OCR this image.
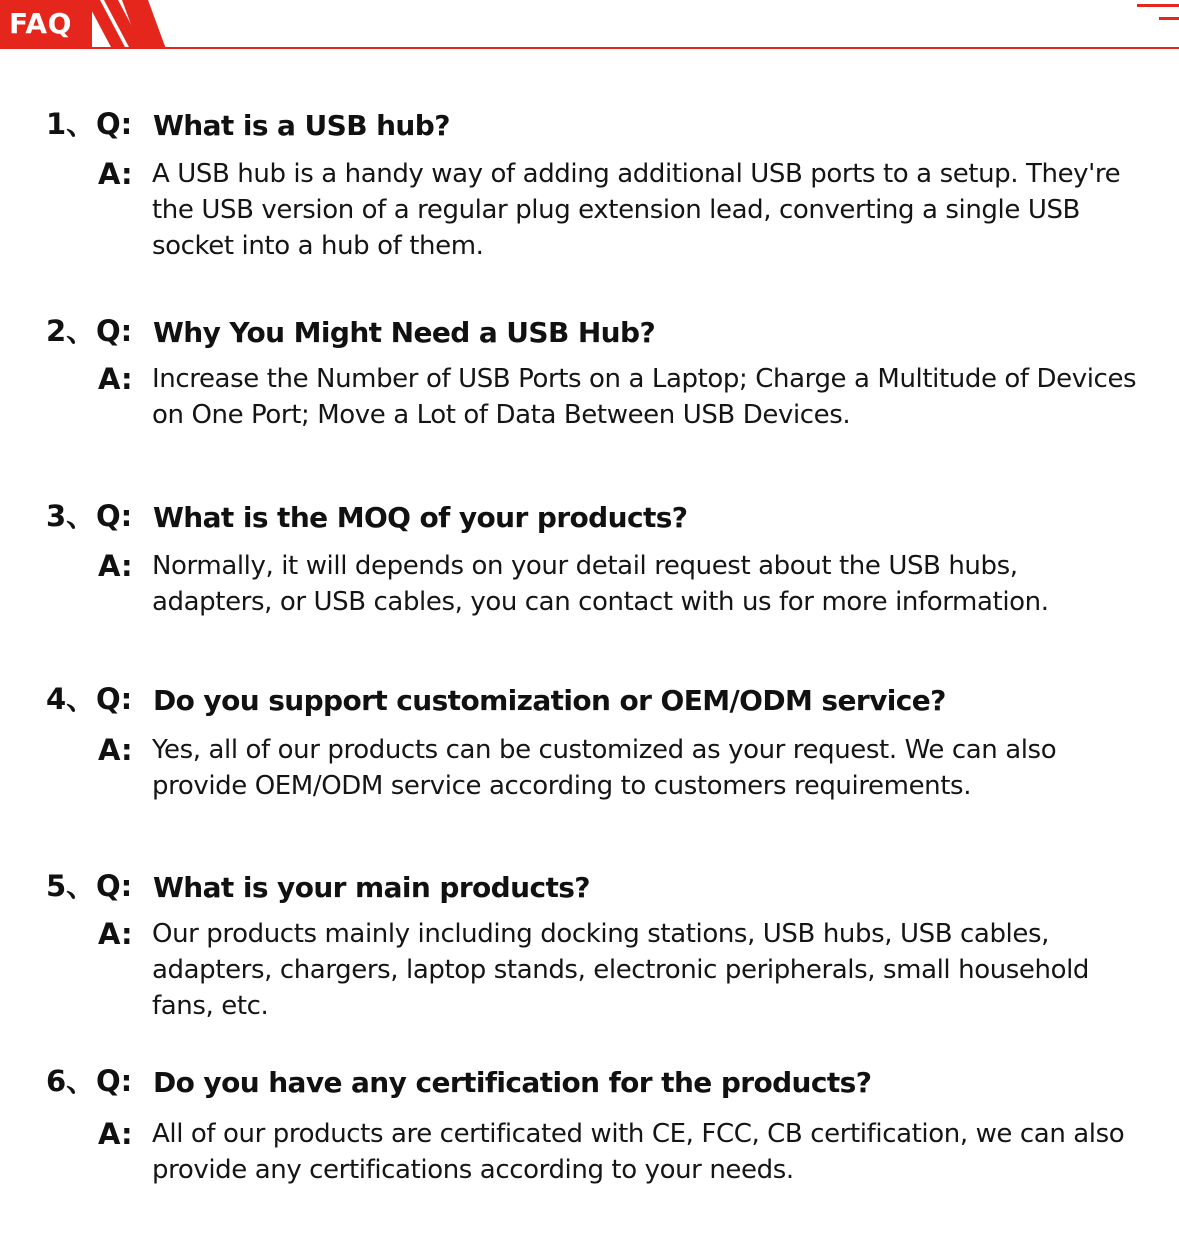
FAQ
1、 Q: What is a USB hub?
A: A USB hub is a handy way of adding additional USB ports to a setup. They're the USB version of a regular plug extension lead, converting a single USB socket into a hub of them.
2、 Q: Why You Might Need a USB Hub?
A: Increase the Number of USB Ports on a Laptop; Charge a Multitude of Devices on One Port; Move a Lot of Data Between USB Devices.
3、 Q: What is the MOQ of your products?
A: Normally, it will depends on your detail request about the USB hubs, adapters, or USB cables, you can contact with us for more information.
4、 Q: Do you support customization or OEM/ODM service?
A: Yes, all of our products can be customized as your request. We can also provide OEM/ODM service according to customers requirements.
5、 Q: What is your main products?
A: Our products mainly including docking stations, USB hubs, USB cables, adapters, chargers, laptop stands, electronic peripherals, small household fans, etc.
6、 Q: Do you have any certification for the products?
A: All of our products are certificated with CE, FCC, CB certification, we can also provide any certifications according to your needs.
